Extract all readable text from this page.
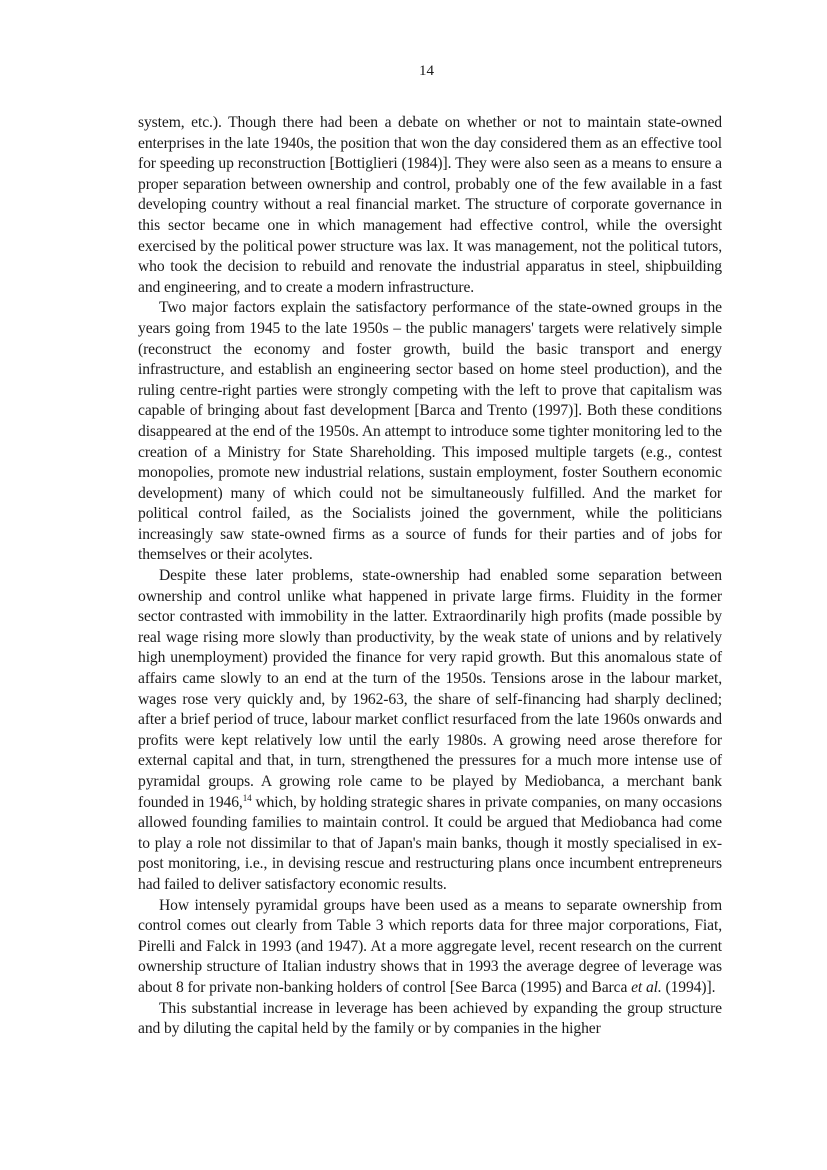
14

system, etc.). Though there had been a debate on whether or not to maintain state-owned enterprises in the late 1940s, the position that won the day considered them as an effective tool for speeding up reconstruction [Bottiglieri (1984)]. They were also seen as a means to ensure a proper separation between ownership and control, probably one of the few available in a fast developing country without a real financial market. The structure of corporate governance in this sector became one in which management had effective control, while the oversight exercised by the political power structure was lax. It was management, not the political tutors, who took the decision to rebuild and renovate the industrial apparatus in steel, shipbuilding and engineering, and to create a modern infrastructure.

Two major factors explain the satisfactory performance of the state-owned groups in the years going from 1945 to the late 1950s – the public managers' targets were relatively simple (reconstruct the economy and foster growth, build the basic transport and energy infrastructure, and establish an engineering sector based on home steel production), and the ruling centre-right parties were strongly competing with the left to prove that capitalism was capable of bringing about fast development [Barca and Trento (1997)]. Both these conditions disappeared at the end of the 1950s. An attempt to introduce some tighter monitoring led to the creation of a Ministry for State Shareholding. This imposed multiple targets (e.g., contest monopolies, promote new industrial relations, sustain employment, foster Southern economic development) many of which could not be simultaneously fulfilled. And the market for political control failed, as the Socialists joined the government, while the politicians increasingly saw state-owned firms as a source of funds for their parties and of jobs for themselves or their acolytes.

Despite these later problems, state-ownership had enabled some separation between ownership and control unlike what happened in private large firms. Fluidity in the former sector contrasted with immobility in the latter. Extraordinarily high profits (made possible by real wage rising more slowly than productivity, by the weak state of unions and by relatively high unemployment) provided the finance for very rapid growth. But this anomalous state of affairs came slowly to an end at the turn of the 1950s. Tensions arose in the labour market, wages rose very quickly and, by 1962-63, the share of self-financing had sharply declined; after a brief period of truce, labour market conflict resurfaced from the late 1960s onwards and profits were kept relatively low until the early 1980s. A growing need arose therefore for external capital and that, in turn, strengthened the pressures for a much more intense use of pyramidal groups. A growing role came to be played by Mediobanca, a merchant bank founded in 1946,14 which, by holding strategic shares in private companies, on many occasions allowed founding families to maintain control. It could be argued that Mediobanca had come to play a role not dissimilar to that of Japan's main banks, though it mostly specialised in ex-post monitoring, i.e., in devising rescue and restructuring plans once incumbent entrepreneurs had failed to deliver satisfactory economic results.

How intensely pyramidal groups have been used as a means to separate ownership from control comes out clearly from Table 3 which reports data for three major corporations, Fiat, Pirelli and Falck in 1993 (and 1947). At a more aggregate level, recent research on the current ownership structure of Italian industry shows that in 1993 the average degree of leverage was about 8 for private non-banking holders of control [See Barca (1995) and Barca et al. (1994)].

This substantial increase in leverage has been achieved by expanding the group structure and by diluting the capital held by the family or by companies in the higher
